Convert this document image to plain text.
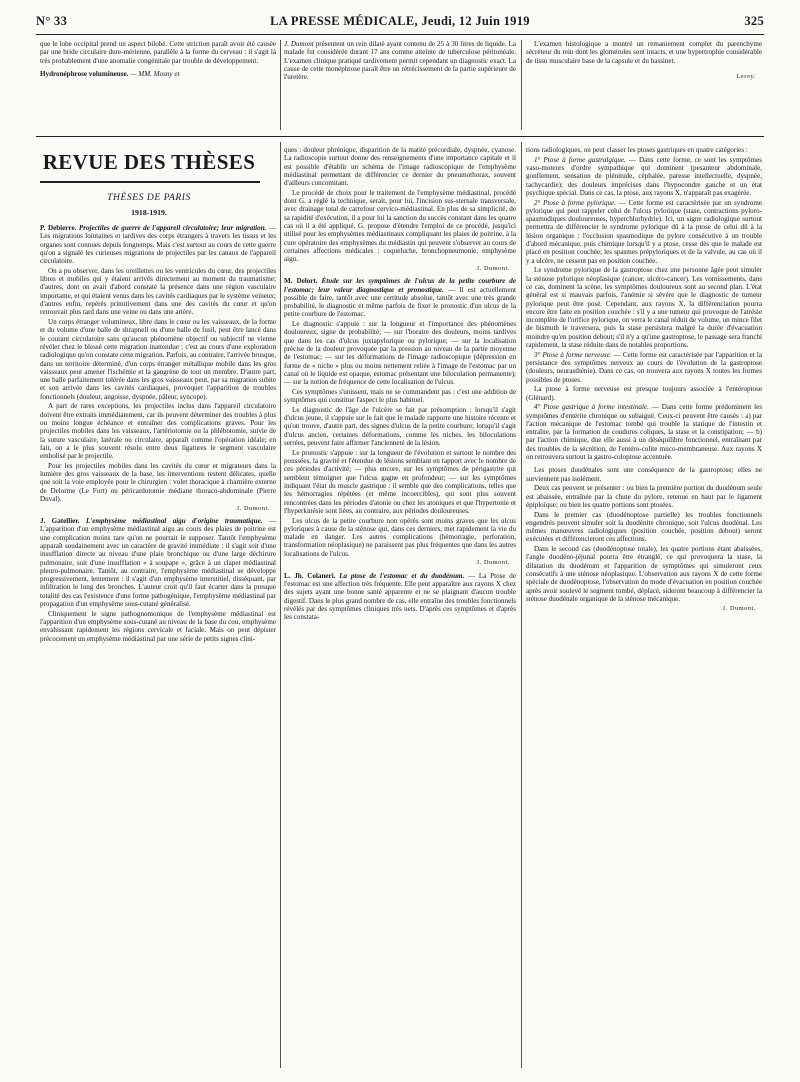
N° 33	LA PRESSE MÉDICALE, Jeudi, 12 Juin 1919	325

que le lobe occipital prend un aspect bilobé. Cette striction paraît avoir été causée par une bride circulaire dure-mérienne, parallèle à la forme du cerveau : il s'agit là très probablement d'une anomalie congénitale par trouble de développement.

Hydronéphrose volumineuse. — MM. Mosny et

J. Dumont présentent un rein dilaté ayant contenu de 25 à 30 litres de liquide. La malade fut considérée durant 17 ans comme atteinte de tuberculose péritonéale. L'examen clinique pratiqué tardivement permit cependant un diagnostic exact. La cause de cette monéphrose paraît être un rétrécissement de la partie supérieure de l'uretère.

L'examen histologique a montré un remaniement complet du parenchyme sécréteur du rein dont les glomérules sont intacts, et une hypertrophie considérable de tissu musculaire base de la capsule et du bassinet.

Leroy.
REVUE DES THÈSES
THÈSES DE PARIS
1918-1919.

P. Debierre. Projectiles de guerre de l'appareil circulatoire; leur migration. — Les migrations lointaines et tardives des corps étrangers à travers les tissus et les organes sont connues depuis longtemps. Mais c'est surtout au cours de cette guerre qu'on a signalé les curieuses migrations de projectiles par les canaux de l'appareil circulatoire.

On a pu observer, dans les oreillettes ou les ventricules du cœur, des projectiles libres et mobiles qui y étaient arrivés directement au moment du traumatisme; d'autres, dont on avait d'abord constaté la présence dans une région vasculaire importante, et qui étaient venus dans les cavités cardiaques par le système veineux; d'autres enfin, repérés primitivement dans une des cavités du cœur et qu'on retrouvait plus tard dans une veine ou dans une artère.

Un corps étranger volumineux, libre dans le cœur ou les vaisseaux, de la forme et du volume d'une balle de shrapnell ou d'une balle de fusil, peut être lancé dans le courant circulatoire sans qu'aucun phénomène objectif ou subjectif ne vienne révéler chez le blessé cette migration inattendue : c'est au cours d'une exploration radiologique qu'on constate cette migration. Parfois, au contraire, l'arrivée brusque, dans un territoire déterminé, d'un corps étranger métallique mobile dans les gros vaisseaux peut amener l'ischémie et la gangrène de tout un membre. D'autre part, une balle parfaitement tolérée dans les gros vaisseaux peut, par sa migration subite et son arrivée dans les cavités cardiaques, provoquer l'apparition de troubles fonctionnels (douleur, angoisse, dyspnée, pâleur, syncope).

A part de rares exceptions, les projectiles inclus dans l'appareil circulatoire doivent être extraits immédiatement, car ils peuvent déterminer des troubles à plus ou moins longue échéance et entraîner des complications graves. Pour les projectiles mobiles dans les vaisseaux, l'artériotomie ou la phlébotomie, suivie de la suture vasculaire, latérale ou circulaire, apparaît comme l'opération idéale; en fait, on a le plus souvent résolu entre deux ligatures le segment vasculaire embolisé par le projectile.

Pour les projectiles mobiles dans les cavités du cœur et migrateurs dans la lumière des gros vaisseaux de la base, les interventions restent délicates, quelle que soit la voie employée pour le chirurgien : volet thoracique à charnière externe de Delorme (Le Fort) ou péricardotomie médiane thoraco-abdominale (Pierre Duval).

J. Dumont.

J. Gatellier. L'emphysème médiastinal aigu d'origine traumatique. — L'apparition d'un emphysème médiastinal aigu au cours des plaies de poitrine est une complication moins rare qu'on ne pourrait le supposer. Tantôt l'emphysème apparaît soudainement avec un caractère de gravité immédiate : il s'agit soit d'une insufflation directe au niveau d'une plaie bronchique ou d'une large déchirure pulmonaire, soit d'une insufflation « à soupape », grâce à un clapet médiastinal pleuro-pulmonaire. Tantôt, au contraire, l'emphysème médiastinal se développe progressivement, lentement : il s'agit d'un emphysème interstitiel, disséquant, par infiltration le long des bronches. L'auteur croit qu'il faut écarter dans la presque totalité des cas l'existence d'une forme pathogénique, l'emphysème médiastinal par propagation d'un emphysème sous-cutané généralisé.

Cliniquement le signe pathognomonique de l'emphysème médiastinal est l'apparition d'un emphysème sous-cutané au niveau de la base du cou, emphysème envahissant rapidement les régions cervicale et faciale. Mais on peut dépister précocement un emphysème médiastinal par une série de petits signes clini-

ques : douleur phrénique, disparition de la matité précordiale, dyspnée, cyanose. La radioscopie surtout donne des renseignements d'une importance capitale et il est possible d'établir un schéma de l'image radioscopique de l'emphysème médiastinal permettant de différencier ce dernier du pneumothorax, souvent d'ailleurs concomitant.

Le procédé de choix pour le traitement de l'emphysème médiastinal, procédé dont G. a réglé la technique, serait, pour lui, l'incision sus-sternale transversale, avec drainage total de carrefour cervico-médiastinal. En plus de sa simplicité, de sa rapidité d'exécution, il a pour lui la sanction du succès constant dans les quatre cas où il a été appliqué. G. propose d'étendre l'emploi de ce procédé, jusqu'ici utilisé pour les emphysèmes médiastinaux compliquant les plaies de poitrine, à la cure opératoire des emphysèmes du médiastin qui peuvent s'observer au cours de certaines affections médicales : coqueluche, bronchopneumonie, emphysème aigu.

J. Dumont.

M. Delort. Étude sur les symptômes de l'ulcus de la petite courbure de l'estomac; leur valeur diagnostique et pronostique. — Il est actuellement possible de faire, tantôt avec une certitude absolue, tantôt avec une très grande probabilité, le diagnostic et même parfois de fixer le pronostic d'un ulcus de la petite courbure de l'estomac.

Le diagnostic s'appuie : sur la longueur et l'importance des phénomènes douloureux, signe de probabilité; — sur l'horaire des douleurs, moins tardives que dans les cas d'ulcus juxtapylorique ou pylorique; — sur la localisation précise de la douleur provoquée par la pression au niveau de la partie moyenne de l'estomac; — sur les déformations de l'image radioscopique (dépression en forme de « niche » plus ou moins nettement reliée à l'image de l'estomac par un canal où le liquide est opaque, estomac présentant une biloculation permanente); — sur la notion de fréquence de cette localisation de l'ulcus.

Ces symptômes s'unissent, mais ne se commandent pas : c'est une addition de symptômes qui constitue l'aspect le plus habituel.

Le diagnostic de l'âge de l'ulcère se fait par présomption : lorsqu'il s'agit d'ulcus jeune, il s'appuie sur le fait que le malade rapporte une histoire récente et qu'on trouve, d'autre part, des signes d'ulcus de la petite courbure; lorsqu'il s'agit d'ulcus ancien, certaines déformations, comme les niches, les biloculations serrées, peuvent faire affirmer l'ancienneté de la lésion.

Le pronostic s'appuie : sur la longueur de l'évolution et surtout le nombre des poussées, la gravité et l'étendue de lésions semblant en rapport avec le nombre de ces périodes d'activité; — plus encore, sur les symptômes de périgastrite qui semblent témoigner que l'ulcus gagne en profondeur; — sur les symptômes indiquant l'état du muscle gastrique : il semble que des complications, telles que les hémorragies répétées (et même incoercibles), qui sont plus souvent rencontrées dans les périodes d'atonie ou chez les atoniques et que l'hypertonie et l'hyperkinésie sont liées, au contraire, aux périodes douloureuses.

Les ulcus de la petite courbure non opérés sont moins graves que les ulcus pyloriques à cause de la sténose qui, dans ces derniers, met rapidement la vie du malade en danger. Les autres complications (hémorragie, perforation, transformation néoplasique) ne paraissent pas plus fréquentes que dans les autres localisations de l'ulcus.

J. Dumont.

L. Jh. Colaneri. La ptose de l'estomac et du duodénum. — La Ptose de l'estomac est une affection très fréquente. Elle peut apparaître aux rayons X chez des sujets ayant une bonne santé apparente et ne se plaignant d'aucun trouble digestif. Dans le plus grand nombre de cas, elle entraîne des troubles fonctionnels révélés par des symptômes cliniques très nets. D'après ces symptômes et d'après les constata-

tions radiologiques, on peut classer les ptoses gastriques en quatre catégories :

1° Ptose à forme gastralgique. — Dans cette forme, ce sont les symptômes vaso-moteurs d'ordre sympathique qui dominent (pesanteur abdominale, gonflement, sensation de plénitude, céphalée, paresse intellectuelle, dyspnée, tachycardie); des douleurs imprécises dans l'hypocondre gauche et un état psychique spécial. Dans ce cas, la ptose, aux rayons X, n'apparaît pas exagérée.

2° Ptose à forme pylorique. — Cette forme est caractérisée par un syndrome pylorique qui peut rappeler celui de l'ulcus pylorique (stase, contractions pyloro-spasmodiques douloureuses, hyperchlorhydrie). Ici, un signe radiologique surtout permettra de différencier le syndrome pylorique dû à la ptose de celui dû à la lésion organique : l'occlusion spasmodique du pylore consécutive à un trouble d'abord mécanique, puis chimique lorsqu'il y a ptose, cesse dès que le malade est placé en position couchée; les spasmes prépyloriques et de la valvule, au cas où il y a ulcère, ne cessent pas en position couchée.

Le syndrome pylorique de la gastroptose chez une personne âgée peut simuler la sténose pylorique néoplasique (cancer, ulcéro-cancer). Les vomissements, dans ce cas, dominent la scène, les symptômes douloureux sont au second plan. L'état général est si mauvais parfois, l'anémie si sévère que le diagnostic de tumeur pylorique peut être posé. Cependant, aux rayons X, la différenciation pourra encore être faite en position couchée : s'il y a une tumeur qui provoque de l'atrésie incomplète de l'orifice pylorique, on verra le canal réduit de volume, un mince filet de bismuth le traversera, puis la stase persistera malgré la durée d'évacuation moindre qu'en position debout; s'il n'y a qu'une gastroptose, le passage sera franchi rapidement, la stase réduite dans de notables proportions.

3° Ptose à forme nerveuse. — Cette forme est caractérisée par l'apparition et la persistance des symptômes nerveux au cours de l'évolution de la gastroptose (douleurs, neurasthénie). Dans ce cas, on trouvera aux rayons X toutes les formes possibles de ptoses.

La ptose à forme nerveuse est presque toujours associée à l'entéroptose (Glénard).

4° Ptose gastrique à forme intestinale. — Dans cette forme prédominent les symptômes d'entérite chronique ou subaiguë. Ceux-ci peuvent être causés : a) par l'action mécanique de l'estomac tombé qui trouble la statique de l'intestin et entraîne, par la formation de coudures coliques, la stase et la constipation; — b) par l'action chimique, due elle aussi à un déséquilibre fonctionnel, entraînant par des troubles de la sécrétion, de l'entéro-colite muco-membraneuse. Aux rayons X on retrouvera surtout la gastro-coloptose accentuée.

Les ptoses duodénales sont une conséquence de la gastroptose; elles ne surviennent pas isolément.

Deux cas peuvent se présenter : ou bien la première portion du duodénum seule est abaissée, entraînée par la chute du pylore, retenue en haut par le ligament épiploïque; ou bien les quatre portions sont ptosées.

Dans le premier cas (duodénoptose partielle) les troubles fonctionnels engendrés peuvent simuler soit la duodénite chronique, soit l'ulcus duodénal. Les mêmes manœuvres radiologiques (position couchée, position debout) seront exécutées et différencieront ces affections.

Dans le second cas (duodénoptose totale), les quatre portions étant abaissées, l'angle duodéno-jéjunal pourra être étranglé, ce qui provoquera la stase, la dilatation du duodénum et l'apparition de symptômes qui simuleront ceux consécutifs à une sténose néoplasique. L'observation aux rayons X de cette forme spéciale de duodénoptose, l'observation du mode d'évacuation en position couchée après avoir soulevé le segment tombé, déplacé, sideront beaucoup à différencier la sténose duodénale organique de la sténose mécanique.

J. Dumont.
